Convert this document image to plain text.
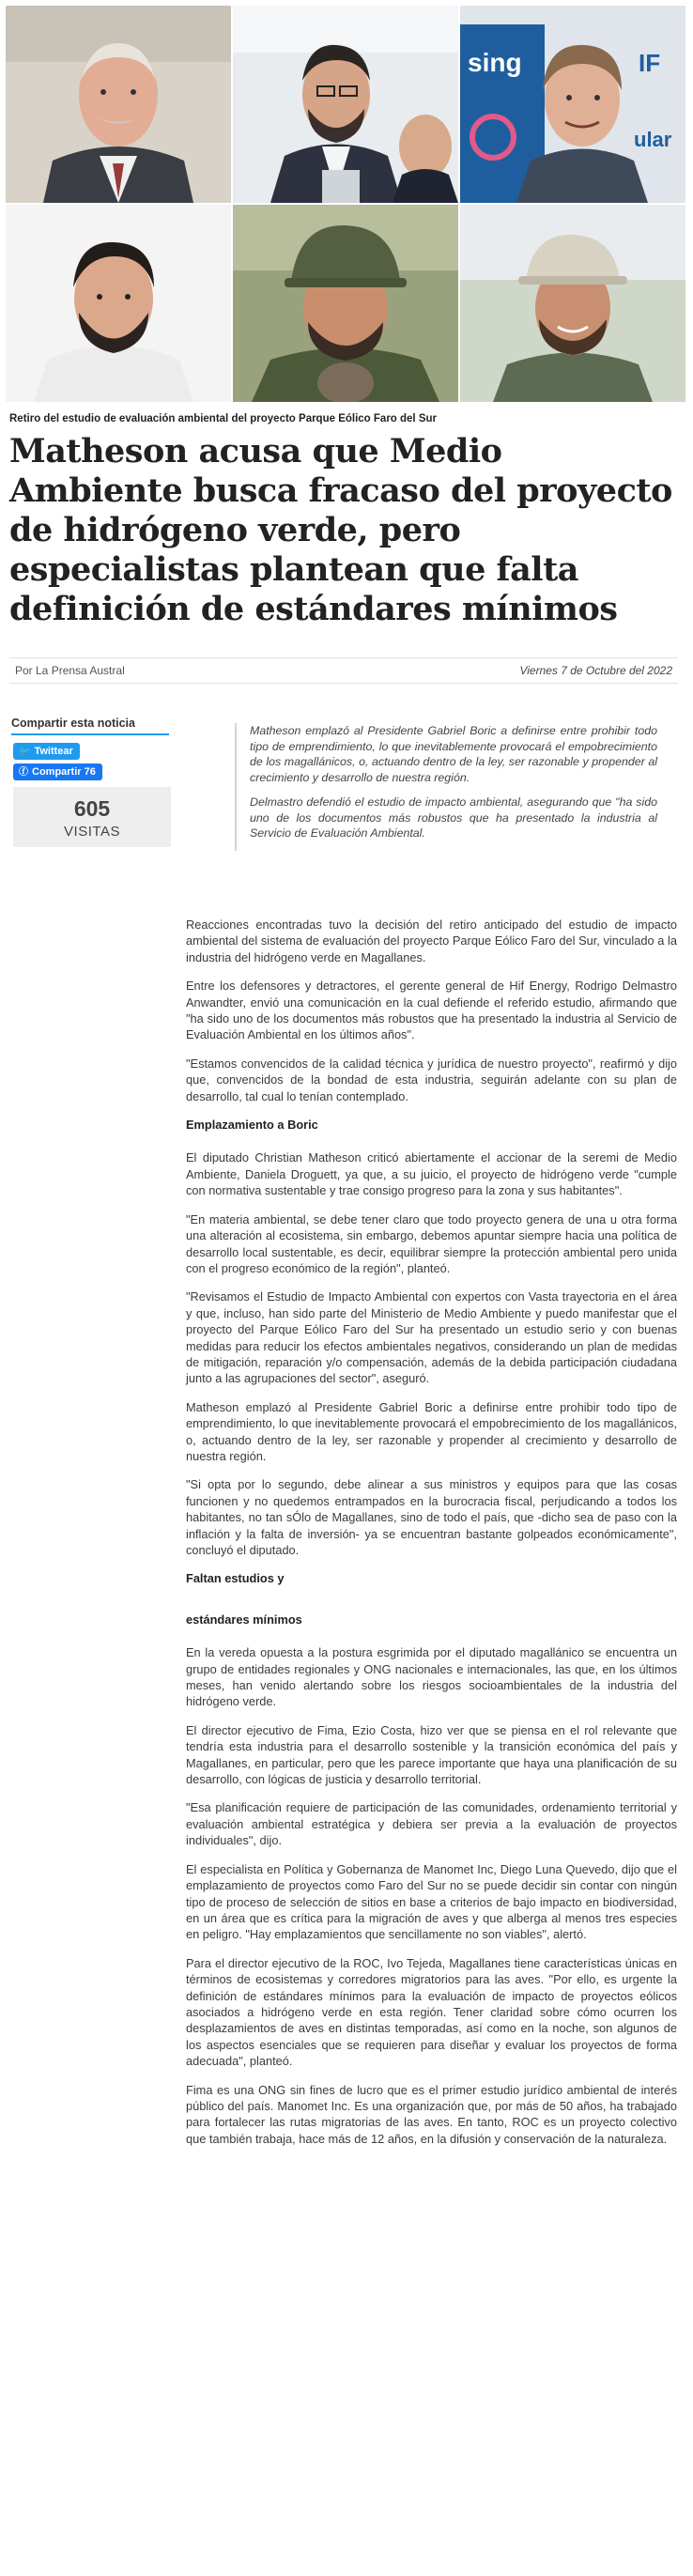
sing	IF
ular
Retiro del estudio de evaluación ambiental del proyecto Parque Eólico Faro del Sur
Matheson acusa que Medio Ambiente busca fracaso del proyecto de hidrógeno verde, pero especialistas plantean que falta definición de estándares mínimos
Por La Prensa Austral	Viernes 7 de Octubre del 2022
Compartir esta noticia
🐦 Twittear
ⓕ Compartir 76
605
VISITAS

Matheson emplazó al Presidente Gabriel Boric a definirse entre prohibir todo tipo de emprendimiento, lo que inevitablemente provocará el empobrecimiento de los magallánicos, o, actuando dentro de la ley, ser razonable y propender al crecimiento y desarrollo de nuestra región.

Delmastro defendió el estudio de impacto ambiental, asegurando que "ha sido uno de los documentos más robustos que ha presentado la industria al Servicio de Evaluación Ambiental.

Reacciones encontradas tuvo la decisión del retiro anticipado del estudio de impacto ambiental del sistema de evaluación del proyecto Parque Eólico Faro del Sur, vinculado a la industria del hidrógeno verde en Magallanes.

Entre los defensores y detractores, el gerente general de Hif Energy, Rodrigo Delmastro Anwandter, envió una comunicación en la cual defiende el referido estudio, afirmando que "ha sido uno de los documentos más robustos que ha presentado la industria al Servicio de Evaluación Ambiental en los últimos años".

"Estamos convencidos de la calidad técnica y jurídica de nuestro proyecto", reafirmó y dijo que, convencidos de la bondad de esta industria, seguirán adelante con su plan de desarrollo, tal cual lo tenían contemplado.

Emplazamiento a Boric

El diputado Christian Matheson criticó abiertamente el accionar de la seremi de Medio Ambiente, Daniela Droguett, ya que, a su juicio, el proyecto de hidrógeno verde "cumple con normativa sustentable y trae consigo progreso para la zona y sus habitantes".

"En materia ambiental, se debe tener claro que todo proyecto genera de una u otra forma una alteración al ecosistema, sin embargo, debemos apuntar siempre hacia una política de desarrollo local sustentable, es decir, equilibrar siempre la protección ambiental pero unida con el progreso económico de la región", planteó.

"Revisamos el Estudio de Impacto Ambiental con expertos con Vasta trayectoria en el área y que, incluso, han sido parte del Ministerio de Medio Ambiente y puedo manifestar que el proyecto del Parque Eólico Faro del Sur ha presentado un estudio serio y con buenas medidas para reducir los efectos ambientales negativos, considerando un plan de medidas de mitigación, reparación y/o compensación, además de la debida participación ciudadana junto a las agrupaciones del sector", aseguró.

Matheson emplazó al Presidente Gabriel Boric a definirse entre prohibir todo tipo de emprendimiento, lo que inevitablemente provocará el empobrecimiento de los magallánicos, o, actuando dentro de la ley, ser razonable y propender al crecimiento y desarrollo de nuestra región.

"Si opta por lo segundo, debe alinear a sus ministros y equipos para que las cosas funcionen y no quedemos entrampados en la burocracia fiscal, perjudicando a todos los habitantes, no tan sÓlo de Magallanes, sino de todo el país, que -dicho sea de paso con la inflación y la falta de inversión- ya se encuentran bastante golpeados económicamente", concluyó el diputado.

Faltan estudios y
estándares mínimos

En la vereda opuesta a la postura esgrimida por el diputado magallánico se encuentra un grupo de entidades regionales y ONG nacionales e internacionales, las que, en los últimos meses, han venido alertando sobre los riesgos socioambientales de la industria del hidrógeno verde.

El director ejecutivo de Fima, Ezio Costa, hizo ver que se piensa en el rol relevante que tendría esta industria para el desarrollo sostenible y la transición económica del país y Magallanes, en particular, pero que les parece importante que haya una planificación de su desarrollo, con lógicas de justicia y desarrollo territorial.

"Esa planificación requiere de participación de las comunidades, ordenamiento territorial y evaluación ambiental estratégica y debiera ser previa a la evaluación de proyectos individuales", dijo.

El especialista en Política y Gobernanza de Manomet Inc, Diego Luna Quevedo, dijo que el emplazamiento de proyectos como Faro del Sur no se puede decidir sin contar con ningún tipo de proceso de selección de sitios en base a criterios de bajo impacto en biodiversidad, en un área que es crítica para la migración de aves y que alberga al menos tres especies en peligro. "Hay emplazamientos que sencillamente no son viables", alertó.

Para el director ejecutivo de la ROC, Ivo Tejeda, Magallanes tiene características únicas en términos de ecosistemas y corredores migratorios para las aves. "Por ello, es urgente la definición de estándares mínimos para la evaluación de impacto de proyectos eólicos asociados a hidrógeno verde en esta región. Tener claridad sobre cómo ocurren los desplazamientos de aves en distintas temporadas, así como en la noche, son algunos de los aspectos esenciales que se requieren para diseñar y evaluar los proyectos de forma adecuada", planteó.

Fima es una ONG sin fines de lucro que es el primer estudio jurídico ambiental de interés público del país. Manomet Inc. Es una organización que, por más de 50 años, ha trabajado para fortalecer las rutas migratorias de las aves. En tanto, ROC es un proyecto colectivo que también trabaja, hace más de 12 años, en la difusión y conservación de la naturaleza.
